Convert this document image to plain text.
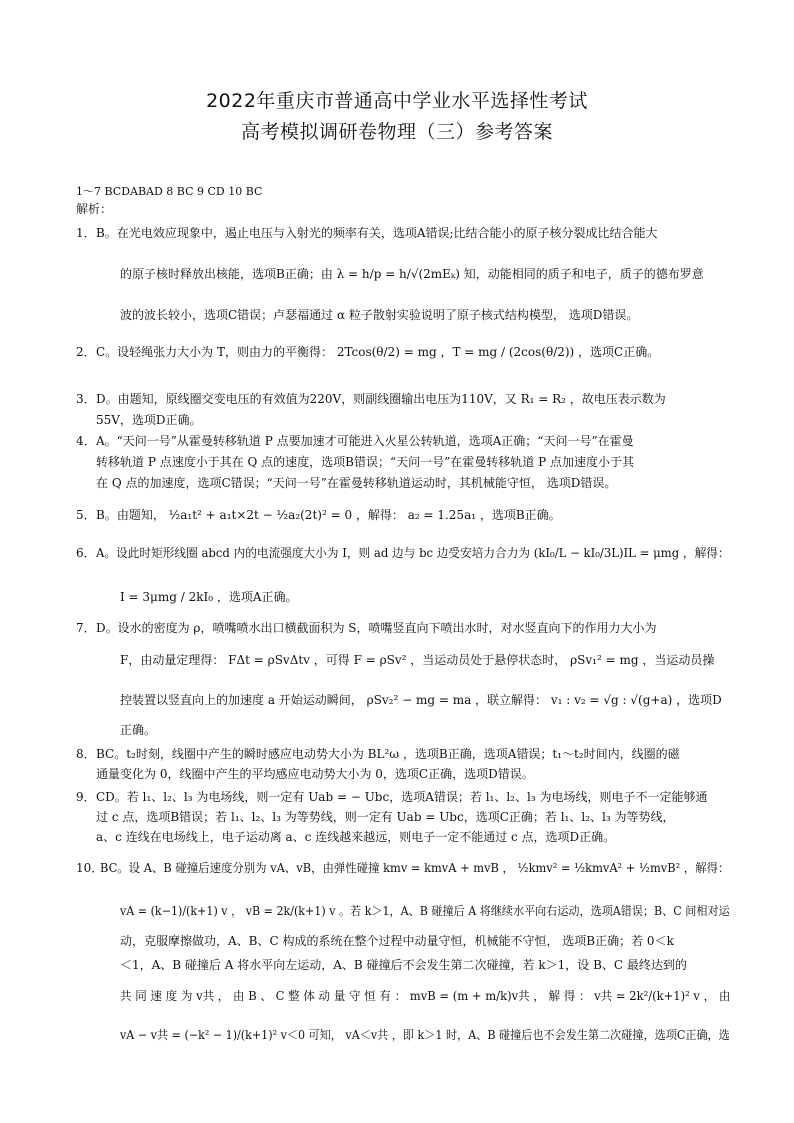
2022年重庆市普通高中学业水平选择性考试
高考模拟调研卷物理（三）参考答案
1～7 BCDABAD 8 BC 9 CD 10 BC
解析：
1． B。在光电效应现象中，遏止电压与入射光的频率有关，选项A错误;比结合能小的原子核分裂成比结合能大
的原子核时释放出核能，选项B正确；由 λ = h/p = h/√(2mEₖ) 知，动能相同的质子和电子，质子的德布罗意
波的波长较小，选项C错误；卢瑟福通过 α 粒子散射实验说明了原子核式结构模型， 选项D错误。
2． C。设轻绳张力大小为 T，则由力的平衡得： 2Tcos(θ/2) = mg ，T = mg / (2cos(θ/2)) ，选项C正确。
3． D。由题知，原线圈交变电压的有效值为220V，则副线圈输出电压为110V，又 R₁ = R₂ ，故电压表示数为
55V，选项D正确。
4． A。“天问一号”从霍曼转移轨道 P 点要加速才可能进入火星公转轨道，选项A正确；“天问一号”在霍曼
转移轨道 P 点速度小于其在 Q 点的速度，选项B错误；“天问一号”在霍曼转移轨道 P 点加速度小于其
在 Q 点的加速度，选项C错误；“天问一号”在霍曼转移轨道运动时，其机械能守恒， 选项D错误。
5． B。由题知， ½a₁t² + a₁t×2t − ½a₂(2t)² = 0 ，解得： a₂ = 1.25a₁ ，选项B正确。
6． A。设此时矩形线圈 abcd 内的电流强度大小为 I，则 ad 边与 bc 边受安培力合力为 (kI₀/L − kI₀/3L)IL = μmg ，解得：
I = 3μmg / 2kI₀ ，选项A正确。
7． D。设水的密度为 ρ，喷嘴喷水出口横截面积为 S，喷嘴竖直向下喷出水时，对水竖直向下的作用力大小为
F，由动量定理得： FΔt = ρSvΔtv ，可得 F = ρSv² ，当运动员处于悬停状态时， ρSv₁² = mg ，当运动员操
控装置以竖直向上的加速度 a 开始运动瞬间， ρSv₂² − mg = ma ，联立解得： v₁ : v₂ = √g : √(g+a) ，选项D
正确。
8． BC。t₂时刻，线圈中产生的瞬时感应电动势大小为 BL²ω ，选项B正确，选项A错误；t₁～t₂时间内，线圈的磁
通量变化为 0，线圈中产生的平均感应电动势大小为 0，选项C正确，选项D错误。
9． CD。若 l₁、l₂、l₃ 为电场线，则一定有 Uab = − Ubc，选项A错误；若 l₁、l₂、l₃ 为电场线，则电子不一定能够通
过 c 点，选项B错误；若 l₁、l₂、l₃ 为等势线，则一定有 Uab = Ubc，选项C正确；若 l₁、l₂、l₃ 为等势线，
a、c 连线在电场线上，电子运动离 a、c 连线越来越远，则电子一定不能通过 c 点，选项D正确。
10．
BC。设 A、B 碰撞后速度分别为 vA、vB，由弹性碰撞 kmv = kmvA + mvB ， ½kmv² = ½kmvA² + ½mvB² ，解得：
vA = (k−1)/(k+1) v ， vB = 2k/(k+1) v 。若 k＞1，A、B 碰撞后 A 将继续水平向右运动，选项A错误；B、C 间相对运
动，克服摩擦做功，A、B、C 构成的系统在整个过程中动量守恒，机械能不守恒， 选项B正确；若 0＜k
＜1，A、B 碰撞后 A 将水平向左运动，A、B 碰撞后不会发生第二次碰撞，若 k＞1，设 B、C 最终达到的
共 同 速 度 为 v共 ， 由 B 、 C 整 体 动 量 守 恒 有 ： mvB = (m + m/k)v共 ， 解 得 ： v共 = 2k²/(k+1)² v ， 由
vA − v共 = (−k² − 1)/(k+1)² v＜0 可知， vA＜v共 ，即 k＞1 时，A、B 碰撞后也不会发生第二次碰撞，选项C正确，选
